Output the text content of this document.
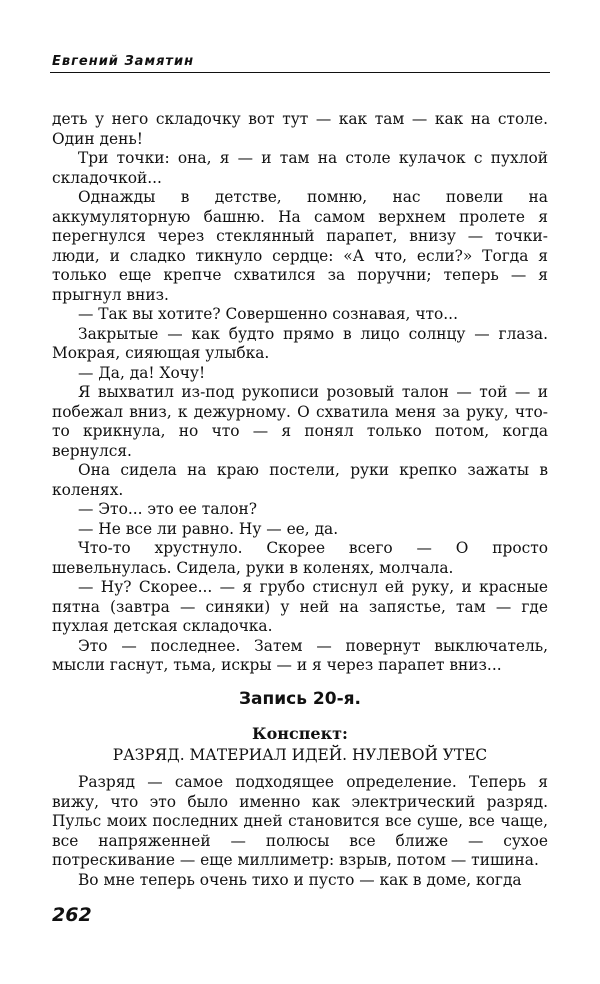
Евгений Замятин

деть у него складочку вот тут — как там — как на столе. Один день!

Три точки: она, я — и там на столе кулачок с пухлой складочкой...

Однажды в детстве, помню, нас повели на аккумуляторную башню. На самом верхнем пролете я перегнулся через стеклянный парапет, внизу — точки-люди, и сладко тикнуло сердце: «А что, если?» Тогда я только еще крепче схватился за поручни; теперь — я прыгнул вниз.

— Так вы хотите? Совершенно сознавая, что...

Закрытые — как будто прямо в лицо солнцу — глаза. Мокрая, сияющая улыбка.

— Да, да! Хочу!

Я выхватил из-под рукописи розовый талон — той — и побежал вниз, к дежурному. О схватила меня за руку, что-то крикнула, но что — я понял только потом, когда вернулся.

Она сидела на краю постели, руки крепко зажаты в коленях.

— Это... это ее талон?

— Не все ли равно. Ну — ее, да.

Что-то хрустнуло. Скорее всего — О просто шевельнулась. Сидела, руки в коленях, молчала.

— Ну? Скорее... — я грубо стиснул ей руку, и красные пятна (завтра — синяки) у ней на запястье, там — где пухлая детская складочка.

Это — последнее. Затем — повернут выключатель, мысли гаснут, тьма, искры — и я через парапет вниз...

Запись 20-я.
Конспект:
РАЗРЯД. МАТЕРИАЛ ИДЕЙ. НУЛЕВОЙ УТЕС

Разряд — самое подходящее определение. Теперь я вижу, что это было именно как электрический разряд. Пульс моих последних дней становится все суше, все чаще, все напряженней — полюсы все ближе — сухое потрескивание — еще миллиметр: взрыв, потом — тишина.

Во мне теперь очень тихо и пусто — как в доме, когда

262
